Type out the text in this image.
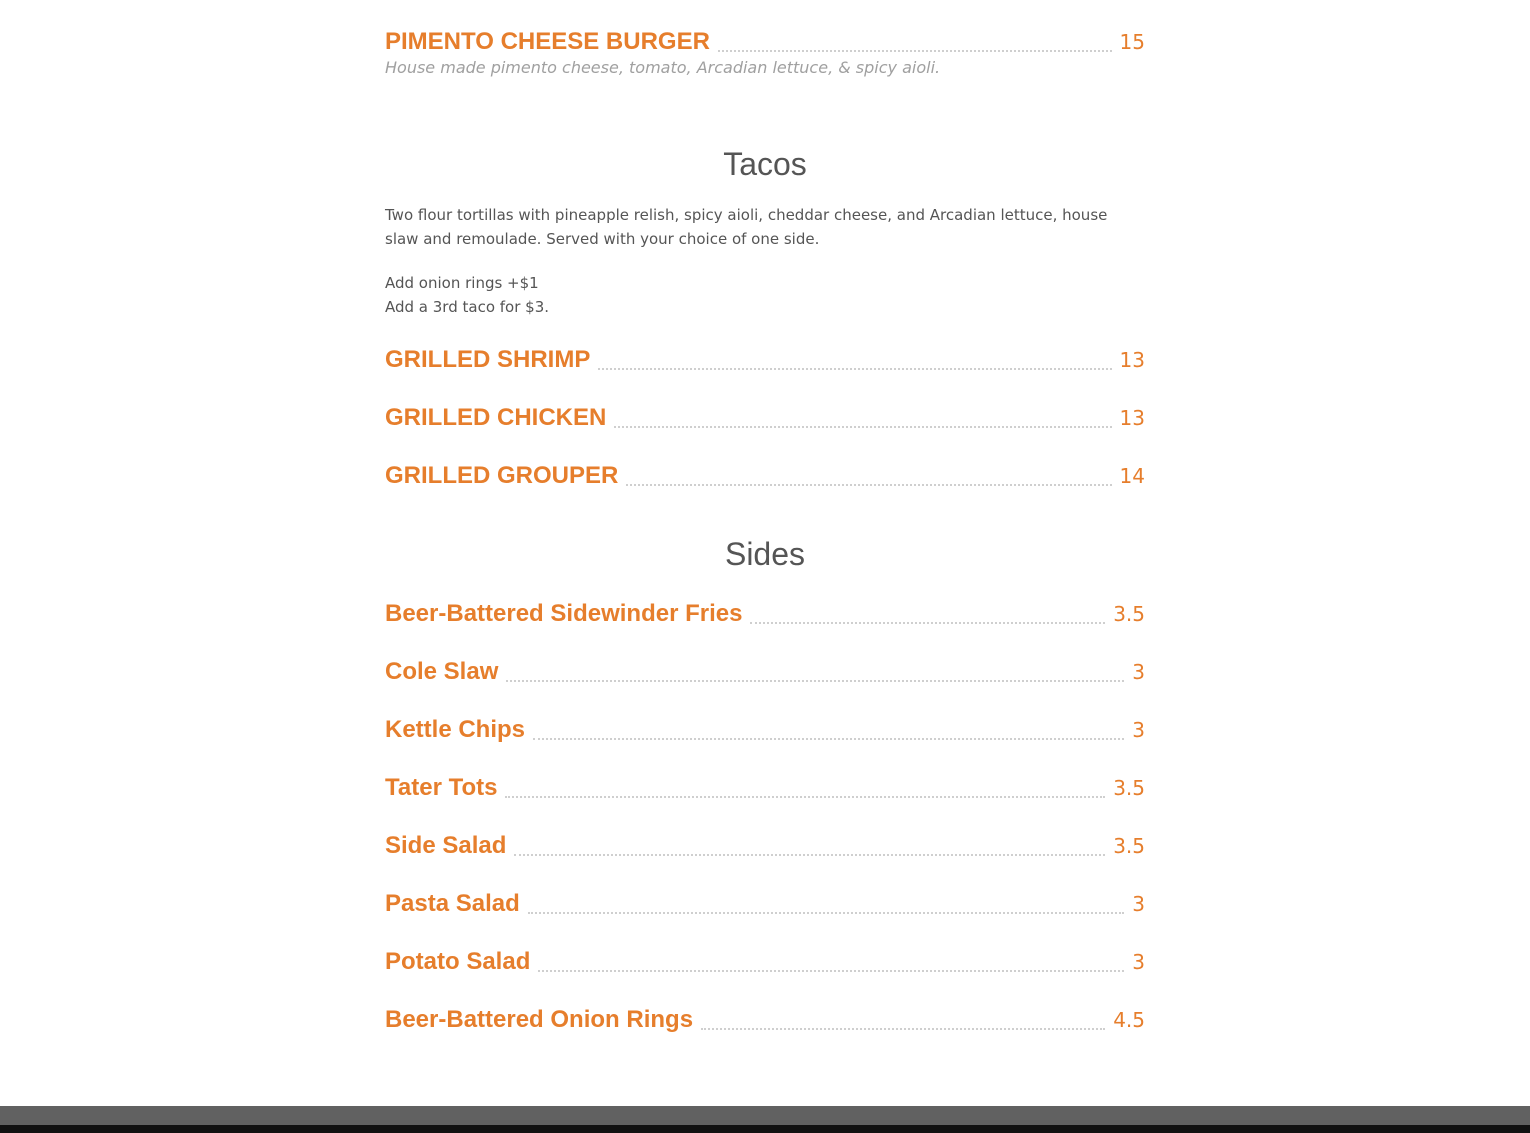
PIMENTO CHEESE BURGER	15
House made pimento cheese, tomato, Arcadian lettuce, & spicy aioli.
Tacos
Two flour tortillas with pineapple relish, spicy aioli, cheddar cheese, and Arcadian lettuce, house slaw and remoulade. Served with your choice of one side.
Add onion rings +$1
Add a 3rd taco for $3.
GRILLED SHRIMP	13
GRILLED CHICKEN	13
GRILLED GROUPER	14
Sides
Beer-Battered Sidewinder Fries	3.5
Cole Slaw	3
Kettle Chips	3
Tater Tots	3.5
Side Salad	3.5
Pasta Salad	3
Potato Salad	3
Beer-Battered Onion Rings	4.5
